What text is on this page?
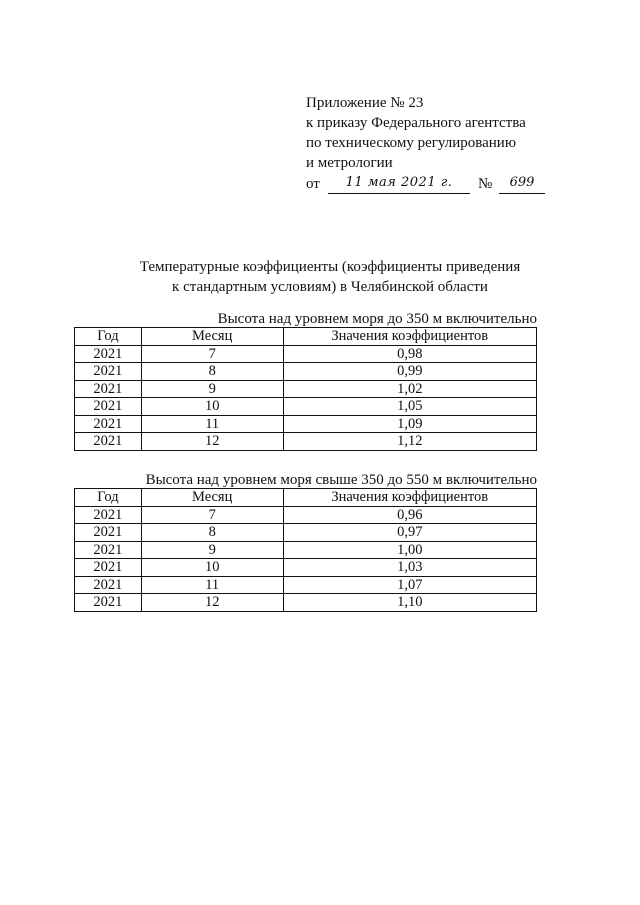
Приложение № 23
к приказу Федерального агентства
по техническому регулированию
и метрологии
от	11 мая 2021 г.	№	699
Температурные коэффициенты (коэффициенты приведения
к стандартным условиям) в Челябинской области
Высота над уровнем моря до 350 м включительно
Год	Месяц	Значения коэффициентов
2021	7	0,98
2021	8	0,99
2021	9	1,02
2021	10	1,05
2021	11	1,09
2021	12	1,12
Высота над уровнем моря свыше 350 до 550 м включительно
Год	Месяц	Значения коэффициентов
2021	7	0,96
2021	8	0,97
2021	9	1,00
2021	10	1,03
2021	11	1,07
2021	12	1,10
